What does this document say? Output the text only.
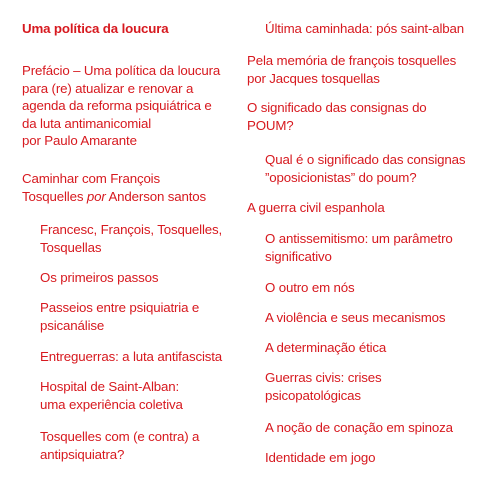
Uma política da loucura

Prefácio – Uma política da loucura
para (re) atualizar e renovar a
agenda da reforma psiquiátrica e
da luta antimanicomial
por Paulo Amarante

Caminhar com François
Tosquelles por Anderson santos

Francesc, François, Tosquelles,
Tosquellas

Os primeiros passos

Passeios entre psiquiatria e
psicanálise

Entreguerras: a luta antifascista

Hospital de Saint-Alban:
uma experiência coletiva

Tosquelles com (e contra) a
antipsiquiatra?

Última caminhada: pós saint-alban

Pela memória de françois tosquelles
por Jacques tosquellas

O significado das consignas do
POUM?

Qual é o significado das consignas
”oposicionistas” do poum?

A guerra civil espanhola

O antissemitismo: um parâmetro
significativo

O outro em nós

A violência e seus mecanismos

A determinação ética

Guerras civis: crises
psicopatológicas

A noção de conação em spinoza

Identidade em jogo
